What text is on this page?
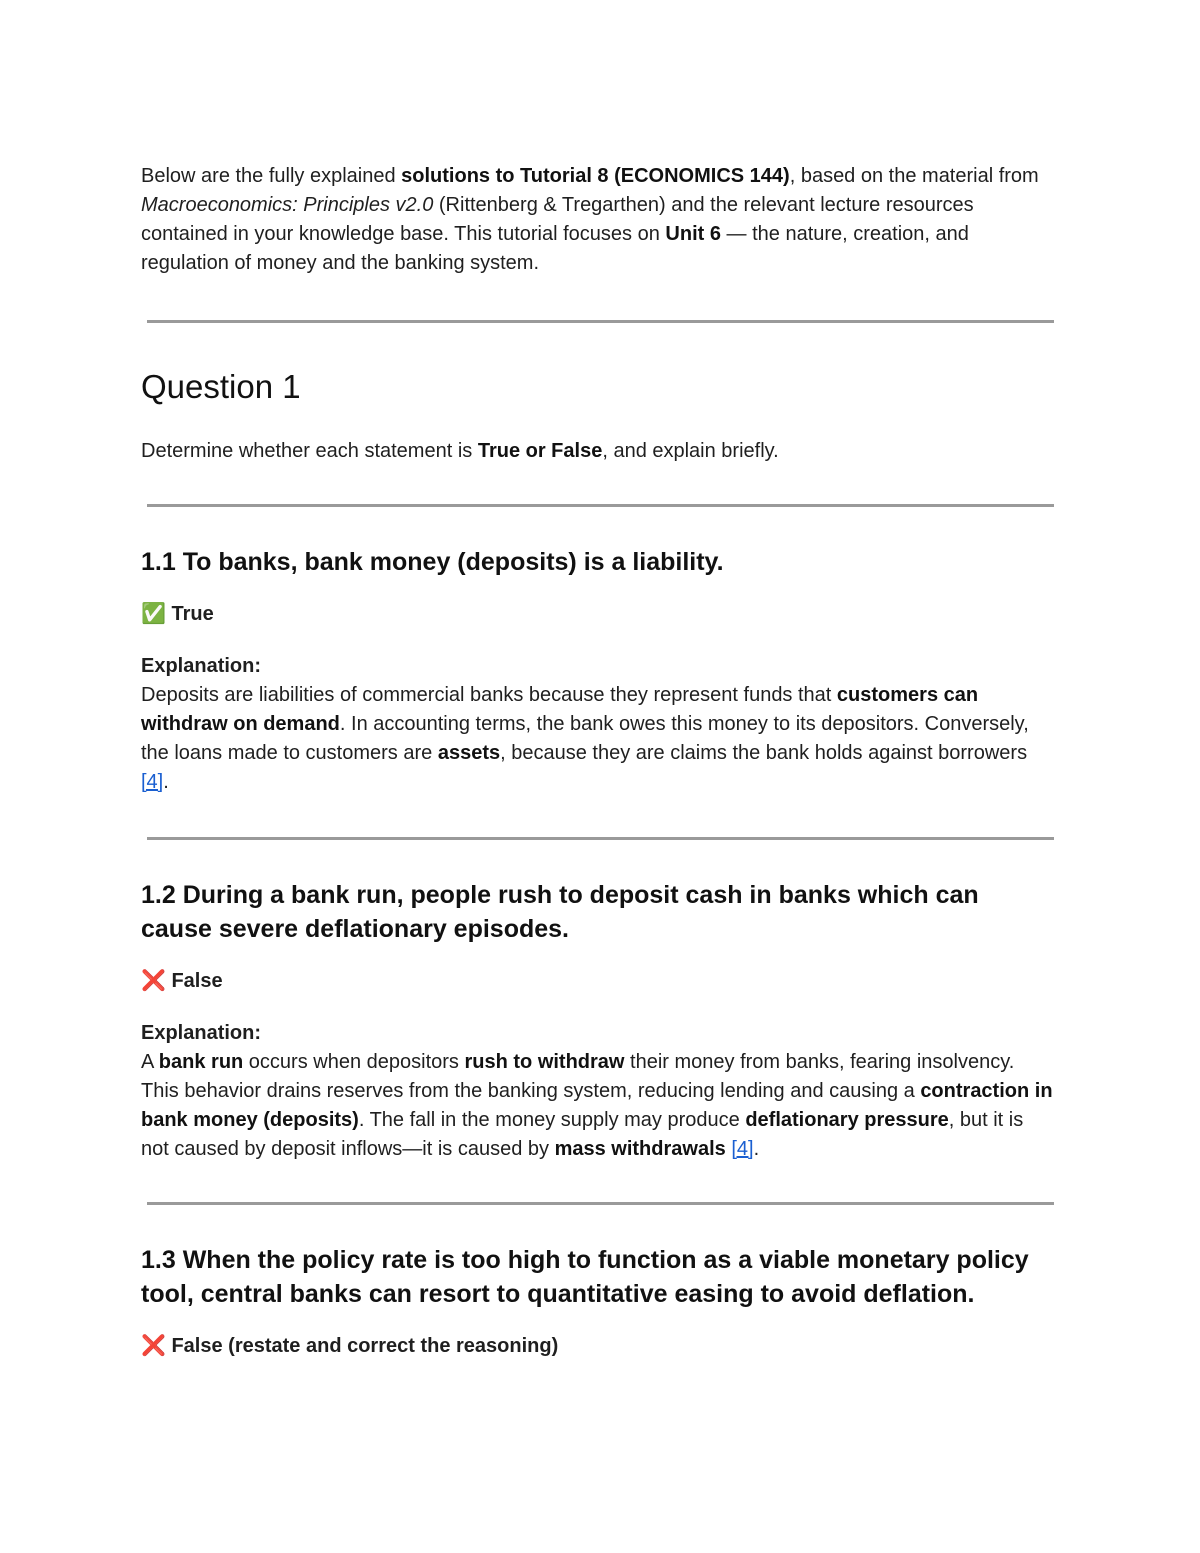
Below are the fully explained solutions to Tutorial 8 (ECONOMICS 144), based on the material from Macroeconomics: Principles v2.0 (Rittenberg & Tregarthen) and the relevant lecture resources contained in your knowledge base. This tutorial focuses on Unit 6 — the nature, creation, and regulation of money and the banking system.

Question 1

Determine whether each statement is True or False, and explain briefly.

1.1 To banks, bank money (deposits) is a liability.

✅ True

Explanation:

Deposits are liabilities of commercial banks because they represent funds that customers can withdraw on demand. In accounting terms, the bank owes this money to its depositors. Conversely, the loans made to customers are assets, because they are claims the bank holds against borrowers [4].

1.2 During a bank run, people rush to deposit cash in banks which can cause severe deflationary episodes.

❌ False

Explanation:

A bank run occurs when depositors rush to withdraw their money from banks, fearing insolvency. This behavior drains reserves from the banking system, reducing lending and causing a contraction in bank money (deposits). The fall in the money supply may produce deflationary pressure, but it is not caused by deposit inflows—it is caused by mass withdrawals [4].

1.3 When the policy rate is too high to function as a viable monetary policy tool, central banks can resort to quantitative easing to avoid deflation.

❌ False (restate and correct the reasoning)
